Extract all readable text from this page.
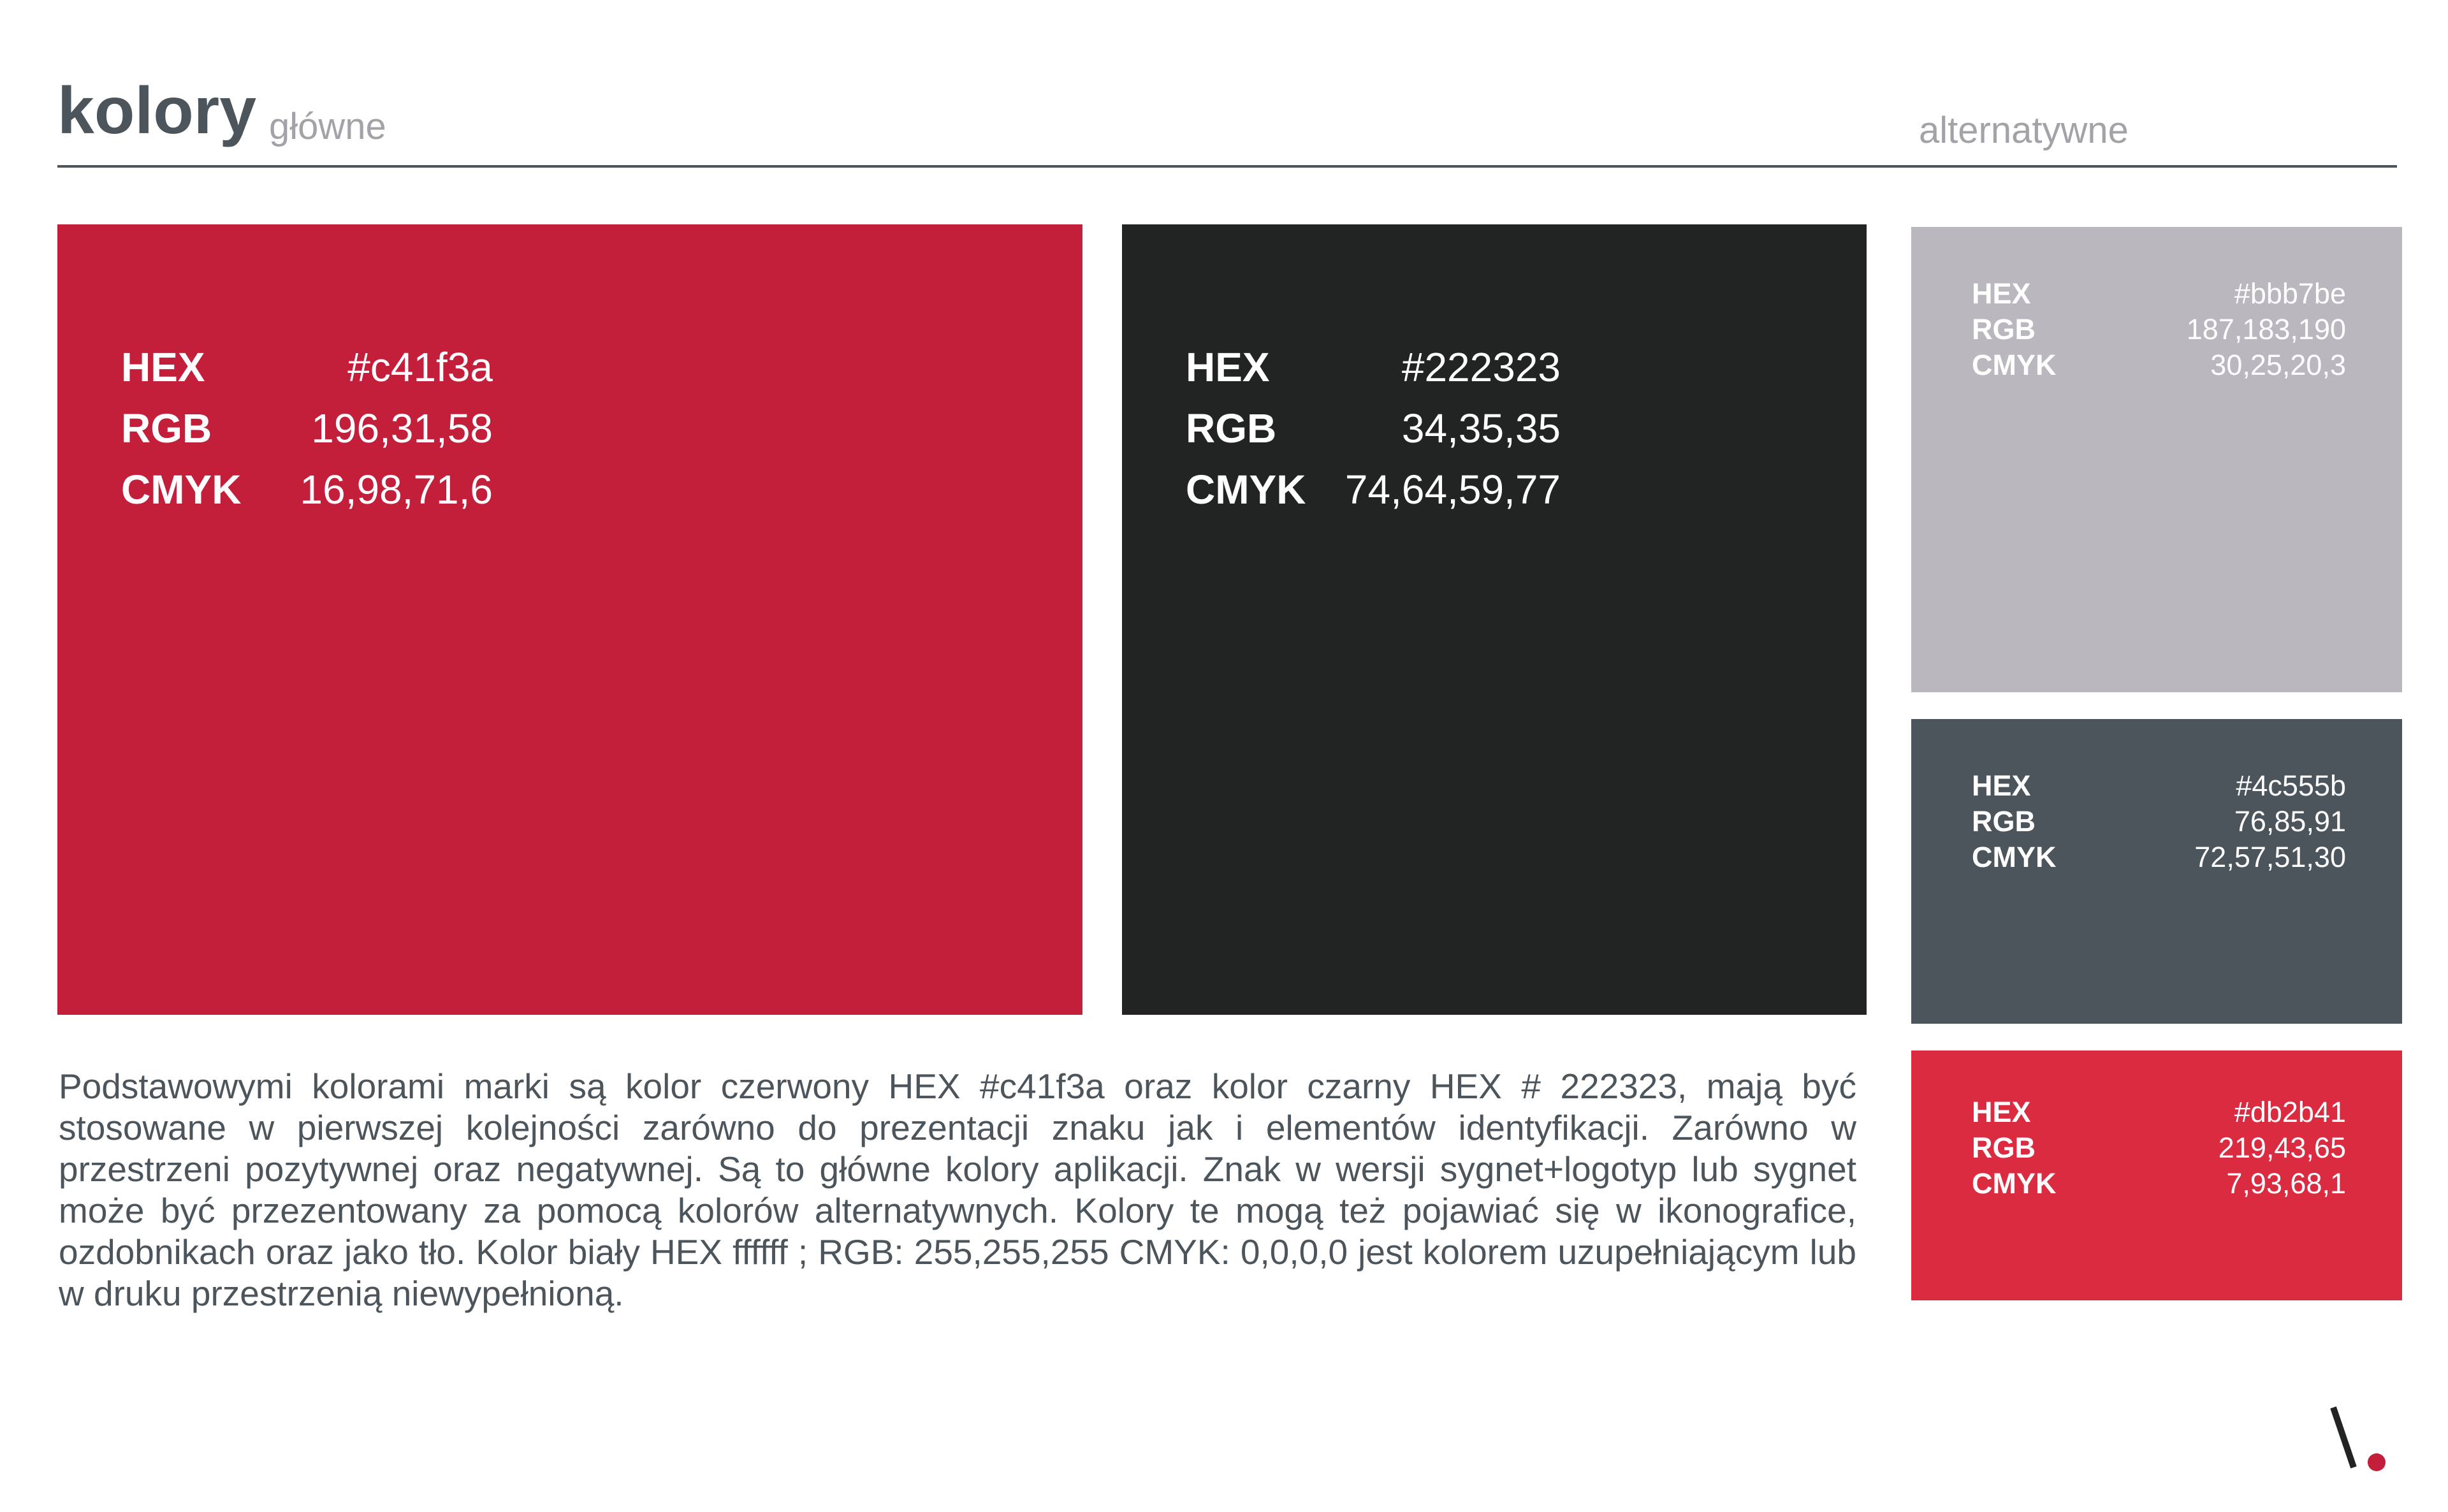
kolory główne	alternatywne
HEX	#c41f3a
RGB	196,31,58
CMYK	16,98,71,6
HEX	#222323
RGB	34,35,35
CMYK 74,64,59,77
HEX	#bbb7be
RGB	187,183,190
CMYK	30,25,20,3
HEX	#4c555b
RGB	76,85,91
CMYK	72,57,51,30
HEX	#db2b41
RGB	219,43,65
CMYK	7,93,68,1

Podstawowymi kolorami marki są kolor czerwony HEX #c41f3a oraz kolor czarny HEX # 222323, mają być stosowane w pierwszej kolejności zarówno do prezentacji znaku jak i elementów identyfikacji. Zarówno w przestrzeni pozytywnej oraz negatywnej. Są to główne kolory aplikacji. Znak w wersji sygnet+logotyp lub sygnet może być przezentowany za pomocą kolorów alternatywnych. Kolory te mogą też pojawiać się w ikonografice, ozdobnikach oraz jako tło. Kolor biały HEX ffffff ; RGB: 255,255,255 CMYK: 0,0,0,0 jest kolorem uzupełniającym lub w druku przestrzenią niewypełnioną.
